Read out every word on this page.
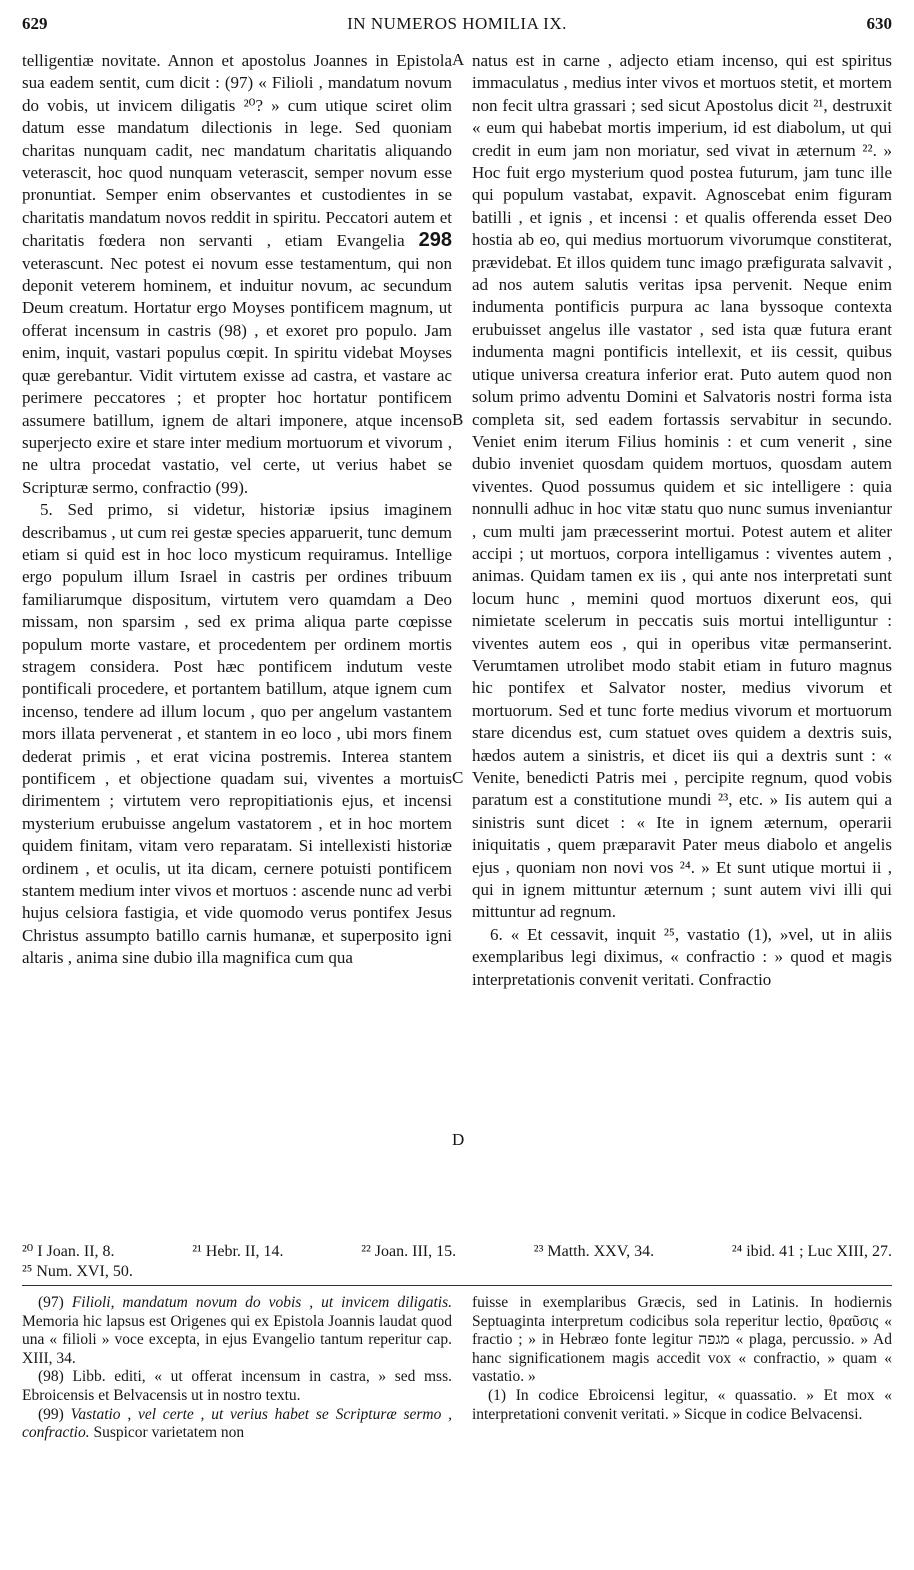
629	IN NUMEROS HOMILIA IX.	630
A
B
C
D

telligentiæ novitate. Annon et apostolus Joannes in Epistola sua eadem sentit, cum dicit : (97) « Filioli , mandatum novum do vobis, ut invicem diligatis ²⁰? » cum utique sciret olim datum esse mandatum dilectionis in lege. Sed quoniam charitas nunquam cadit, nec mandatum charitatis aliquando veterascit, hoc quod nunquam veterascit, semper novum esse pronuntiat. Semper enim observantes et custodientes in se charitatis mandatum novos reddit in spiritu. Peccatori autem et charitatis fœdera non servanti , etiam Evangelia 298 veterascunt. Nec potest ei novum esse testamentum, qui non deponit veterem hominem, et induitur novum, ac secundum Deum creatum. Hortatur ergo Moyses pontificem magnum, ut offerat incensum in castris (98) , et exoret pro populo. Jam enim, inquit, vastari populus cœpit. In spiritu videbat Moyses quæ gerebantur. Vidit virtutem exisse ad castra, et vastare ac perimere peccatores ; et propter hoc hortatur pontificem assumere batillum, ignem de altari imponere, atque incenso superjecto exire et stare inter medium mortuorum et vivorum , ne ultra procedat vastatio, vel certe, ut verius habet se Scripturæ sermo, confractio (99).

5. Sed primo, si videtur, historiæ ipsius imaginem describamus , ut cum rei gestæ species apparuerit, tunc demum etiam si quid est in hoc loco mysticum requiramus. Intellige ergo populum illum Israel in castris per ordines tribuum familiarumque dispositum, virtutem vero quamdam a Deo missam, non sparsim , sed ex prima aliqua parte cœpisse populum morte vastare, et procedentem per ordinem mortis stragem considera. Post hæc pontificem indutum veste pontificali procedere, et portantem batillum, atque ignem cum incenso, tendere ad illum locum , quo per angelum vastantem mors illata pervenerat , et stantem in eo loco , ubi mors finem dederat primis , et erat vicina postremis. Interea stantem pontificem , et objectione quadam sui, viventes a mortuis dirimentem ; virtutem vero repropitiationis ejus, et incensi mysterium erubuisse angelum vastatorem , et in hoc mortem quidem finitam, vitam vero reparatam. Si intellexisti historiæ ordinem , et oculis, ut ita dicam, cernere potuisti pontificem stantem medium inter vivos et mortuos : ascende nunc ad verbi hujus celsiora fastigia, et vide quomodo verus pontifex Jesus Christus assumpto batillo carnis humanæ, et superposito igni altaris , anima sine dubio illa magnifica cum qua

natus est in carne , adjecto etiam incenso, qui est spiritus immaculatus , medius inter vivos et mortuos stetit, et mortem non fecit ultra grassari ; sed sicut Apostolus dicit ²¹, destruxit « eum qui habebat mortis imperium, id est diabolum, ut qui credit in eum jam non moriatur, sed vivat in æternum ²². » Hoc fuit ergo mysterium quod postea futurum, jam tunc ille qui populum vastabat, expavit. Agnoscebat enim figuram batilli , et ignis , et incensi : et qualis offerenda esset Deo hostia ab eo, qui medius mortuorum vivorumque constiterat, prævidebat. Et illos quidem tunc imago præfigurata salvavit , ad nos autem salutis veritas ipsa pervenit. Neque enim indumenta pontificis purpura ac lana byssoque contexta erubuisset angelus ille vastator , sed ista quæ futura erant indumenta magni pontificis intellexit, et iis cessit, quibus utique universa creatura inferior erat. Puto autem quod non solum primo adventu Domini et Salvatoris nostri forma ista completa sit, sed eadem fortassis servabitur in secundo. Veniet enim iterum Filius hominis : et cum venerit , sine dubio inveniet quosdam quidem mortuos, quosdam autem viventes. Quod possumus quidem et sic intelligere : quia nonnulli adhuc in hoc vitæ statu quo nunc sumus inveniantur , cum multi jam præcesserint mortui. Potest autem et aliter accipi ; ut mortuos, corpora intelligamus : viventes autem , animas. Quidam tamen ex iis , qui ante nos interpretati sunt locum hunc , memini quod mortuos dixerunt eos, qui nimietate scelerum in peccatis suis mortui intelliguntur : viventes autem eos , qui in operibus vitæ permanserint. Verumtamen utrolibet modo stabit etiam in futuro magnus hic pontifex et Salvator noster, medius vivorum et mortuorum. Sed et tunc forte medius vivorum et mortuorum stare dicendus est, cum statuet oves quidem a dextris suis, hædos autem a sinistris, et dicet iis qui a dextris sunt : « Venite, benedicti Patris mei , percipite regnum, quod vobis paratum est a constitutione mundi ²³, etc. » Iis autem qui a sinistris sunt dicet : « Ite in ignem æternum, operarii iniquitatis , quem præparavit Pater meus diabolo et angelis ejus , quoniam non novi vos ²⁴. » Et sunt utique mortui ii , qui in ignem mittuntur æternum ; sunt autem vivi illi qui mittuntur ad regnum.

6. « Et cessavit, inquit ²⁵, vastatio (1), »vel, ut in aliis exemplaribus legi diximus, « confractio : » quod et magis interpretationis convenit veritati. Confractio

²⁰ I Joan. II, 8.	²¹ Hebr. II, 14.	²² Joan. III, 15.	²³ Matth. XXV, 34.	²⁴ ibid. 41 ; Luc XIII, 27.
²⁵ Num. XVI, 50.

(97) Filioli, mandatum novum do vobis , ut invicem diligatis. Memoria hic lapsus est Origenes qui ex Epistola Joannis laudat quod una « filioli » voce excepta, in ejus Evangelio tantum reperitur cap. XIII, 34.

(98) Libb. editi, « ut offerat incensum in castra, » sed mss. Ebroicensis et Belvacensis ut in nostro textu.

(99) Vastatio , vel certe , ut verius habet se Scripturæ sermo , confractio. Suspicor varietatem non

fuisse in exemplaribus Græcis, sed in Latinis. In hodiernis Septuaginta interpretum codicibus sola reperitur lectio, θραῦσις « fractio ; » in Hebræo fonte legitur מגפה « plaga, percussio. » Ad hanc significationem magis accedit vox « confractio, » quam « vastatio. »

(1) In codice Ebroicensi legitur, « quassatio. » Et mox « interpretationi convenit veritati. » Sicque in codice Belvacensi.
